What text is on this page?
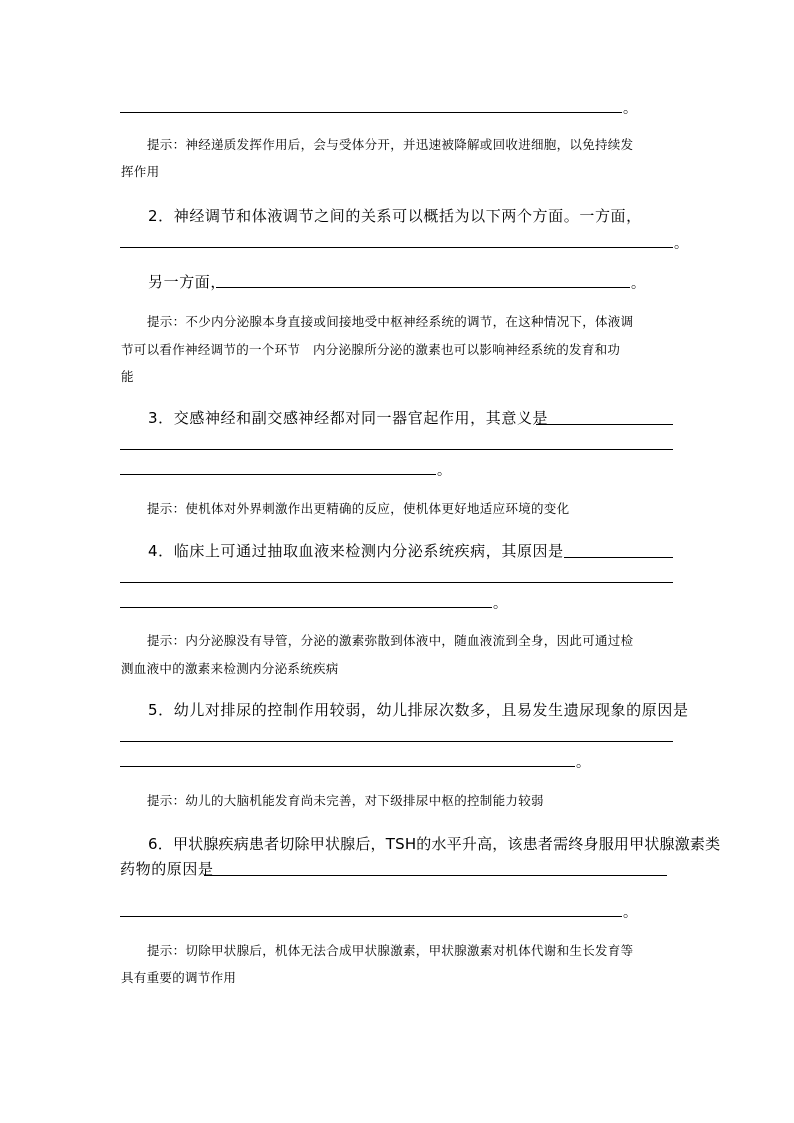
。
提示：神经递质发挥作用后，会与受体分开，并迅速被降解或回收进细胞，以免持续发
挥作用
2．神经调节和体液调节之间的关系可以概括为以下两个方面。一方面，
。
另一方面，	。
提示：不少内分泌腺本身直接或间接地受中枢神经系统的调节，在这种情况下，体液调
节可以看作神经调节的一个环节　内分泌腺所分泌的激素也可以影响神经系统的发育和功
能
3．交感神经和副交感神经都对同一器官起作用，其意义是
。
提示：使机体对外界刺激作出更精确的反应，使机体更好地适应环境的变化
4．临床上可通过抽取血液来检测内分泌系统疾病，其原因是
。
提示：内分泌腺没有导管，分泌的激素弥散到体液中，随血液流到全身，因此可通过检
测血液中的激素来检测内分泌系统疾病
5．幼儿对排尿的控制作用较弱，幼儿排尿次数多，且易发生遗尿现象的原因是
。
提示：幼儿的大脑机能发育尚未完善，对下级排尿中枢的控制能力较弱
6．甲状腺疾病患者切除甲状腺后，TSH的水平升高，该患者需终身服用甲状腺激素类
药物的原因是
。
提示：切除甲状腺后，机体无法合成甲状腺激素，甲状腺激素对机体代谢和生长发育等
具有重要的调节作用
